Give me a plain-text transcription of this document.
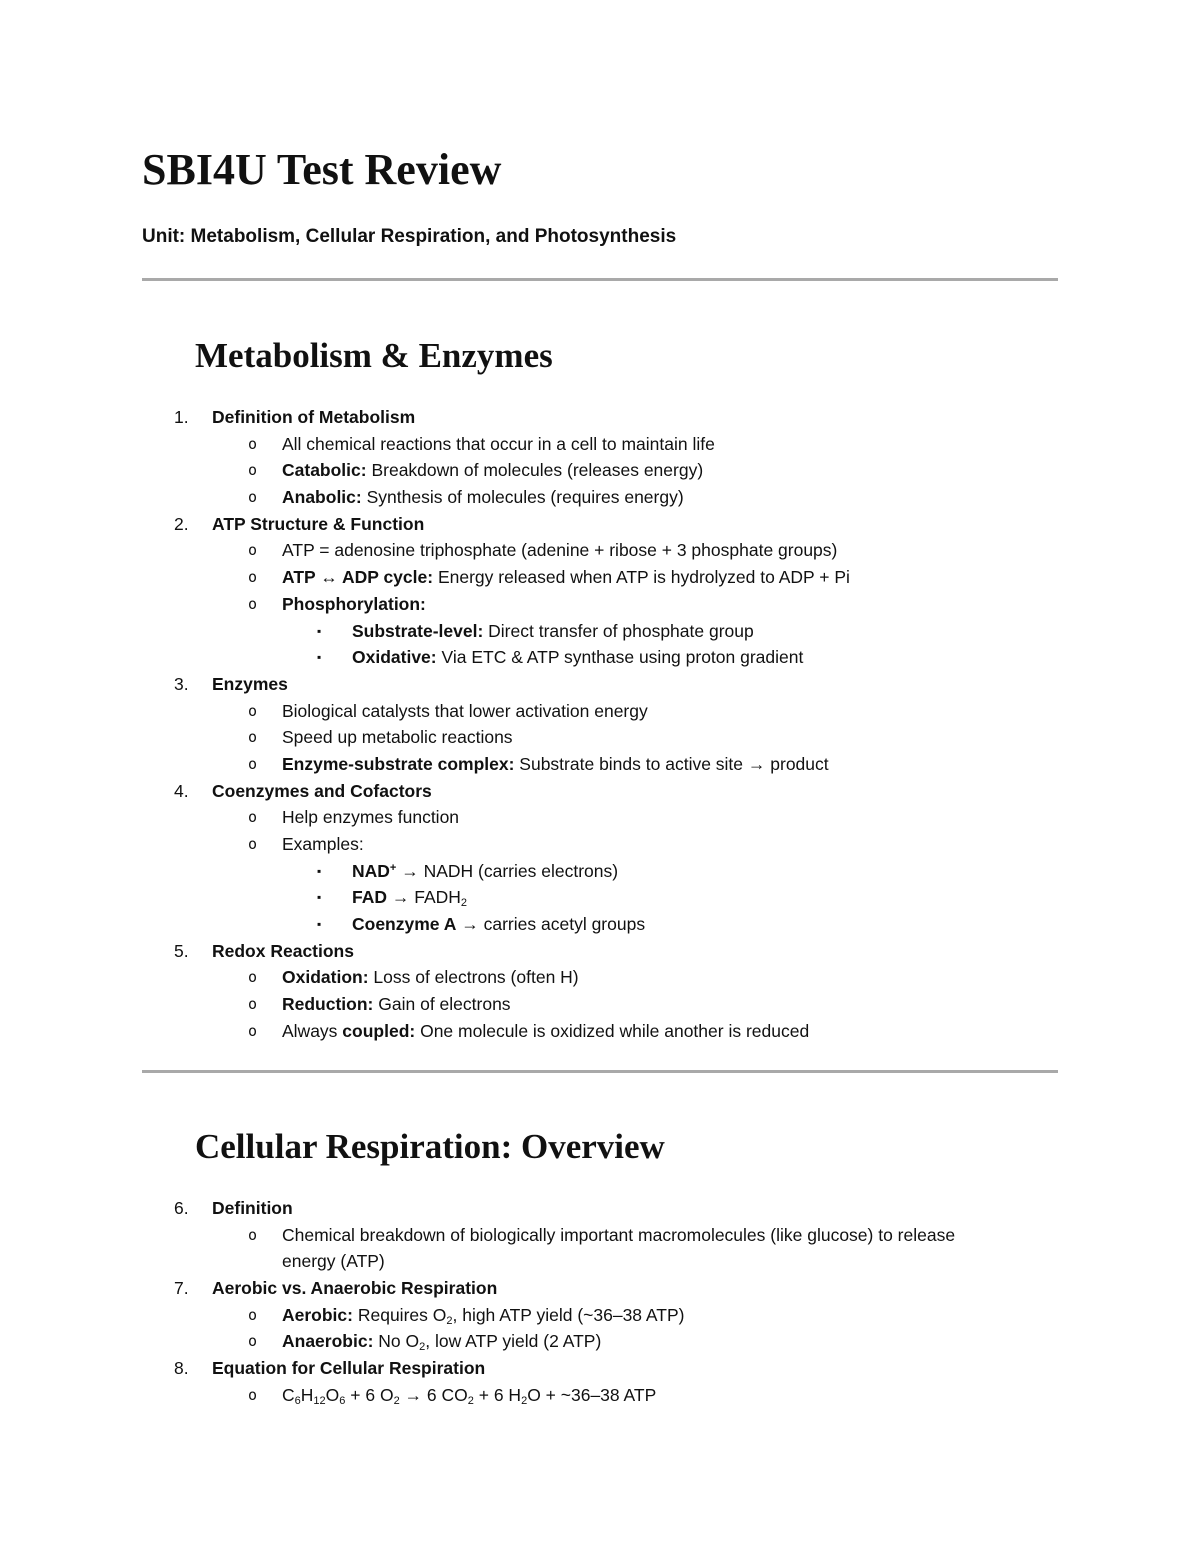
SBI4U Test Review

Unit: Metabolism, Cellular Respiration, and Photosynthesis

Metabolism & Enzymes
1.	Definition of Metabolism
o All chemical reactions that occur in a cell to maintain life
o Catabolic: Breakdown of molecules (releases energy)
o Anabolic: Synthesis of molecules (requires energy)
2.	ATP Structure & Function
o ATP = adenosine triphosphate (adenine + ribose + 3 phosphate groups)
o ATP ↔ ADP cycle: Energy released when ATP is hydrolyzed to ADP + Pi
o Phosphorylation:
▪ Substrate-level: Direct transfer of phosphate group
▪ Oxidative: Via ETC & ATP synthase using proton gradient
3.	Enzymes
o Biological catalysts that lower activation energy
o Speed up metabolic reactions
o Enzyme-substrate complex: Substrate binds to active site → product
4.	Coenzymes and Cofactors
o Help enzymes function
o Examples:
▪ NAD+ → NADH (carries electrons)
▪ FAD → $FADH_2$
▪ Coenzyme A → carries acetyl groups
5.	Redox Reactions
o Oxidation: Loss of electrons (often H)
o Reduction: Gain of electrons
o Always coupled: One molecule is oxidized while another is reduced
Cellular Respiration: Overview
6.	Definition
o Chemical breakdown of biologically important macromolecules (like glucose) to release
energy (ATP)
7.	Aerobic vs. Anaerobic Respiration
o Aerobic: Requires $O_2$, high ATP yield (~36–38 ATP)
o Anaerobic: No $O_2$, low ATP yield (2 ATP)
8.	Equation for Cellular Respiration
o $C_6H_{12}O_6 + 6$ $O_2 \to 6$ $CO_2 + 6$ $H_2O$ + ~36–38 ATP
